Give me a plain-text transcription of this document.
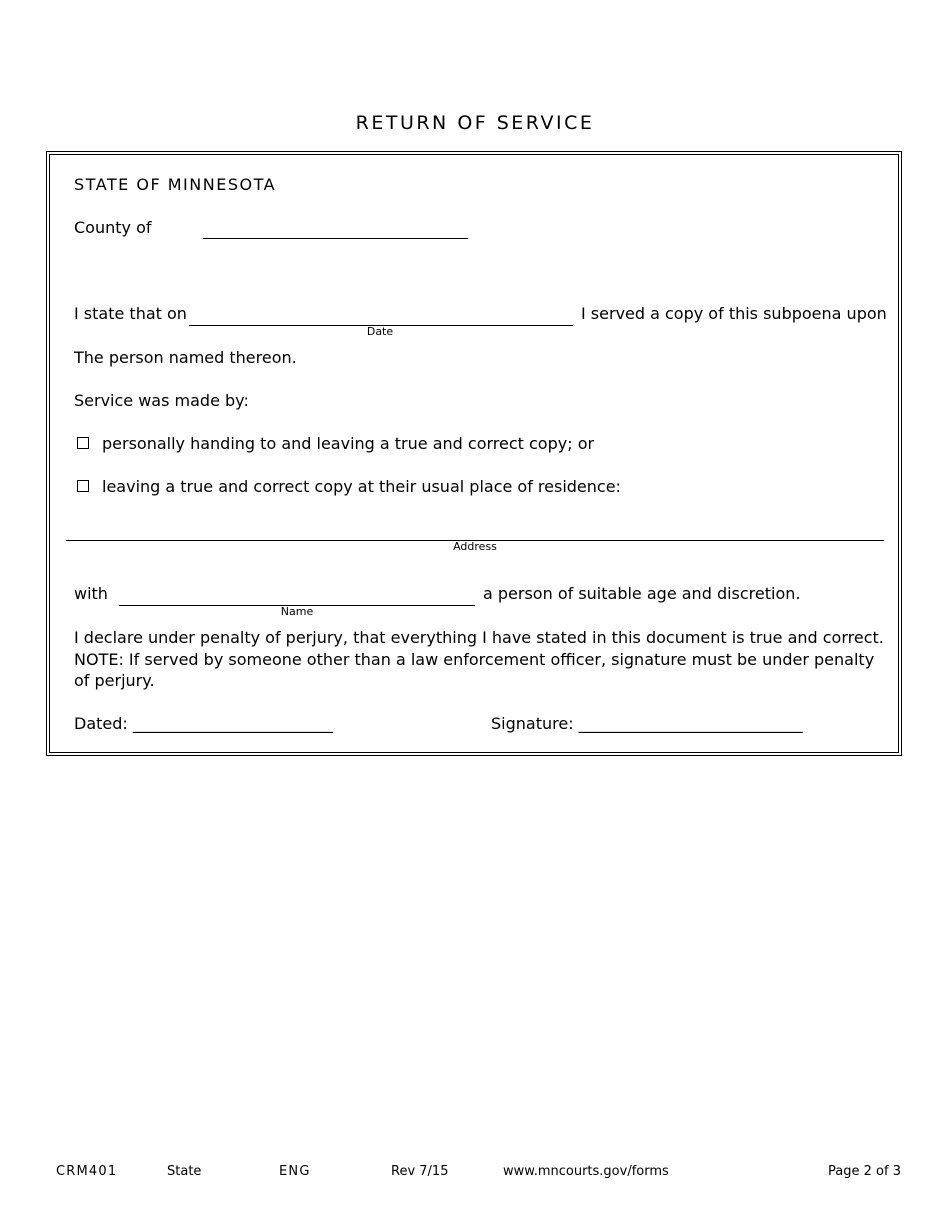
RETURN OF SERVICE
STATE OF MINNESOTA
County of
I state that on
Date
I served a copy of this subpoena upon
The person named thereon.
Service was made by:
personally handing to and leaving a true and correct copy; or
leaving a true and correct copy at their usual place of residence:
Address
with
Name
a person of suitable age and discretion.
I declare under penalty of perjury, that everything I have stated in this document is true and correct.
NOTE: If served by someone other than a law enforcement officer, signature must be under penalty
of perjury.
Dated: _________________________	Signature: ____________________________
CRM401	State	ENG	Rev 7/15	www.mncourts.gov/forms	Page 2 of 3
